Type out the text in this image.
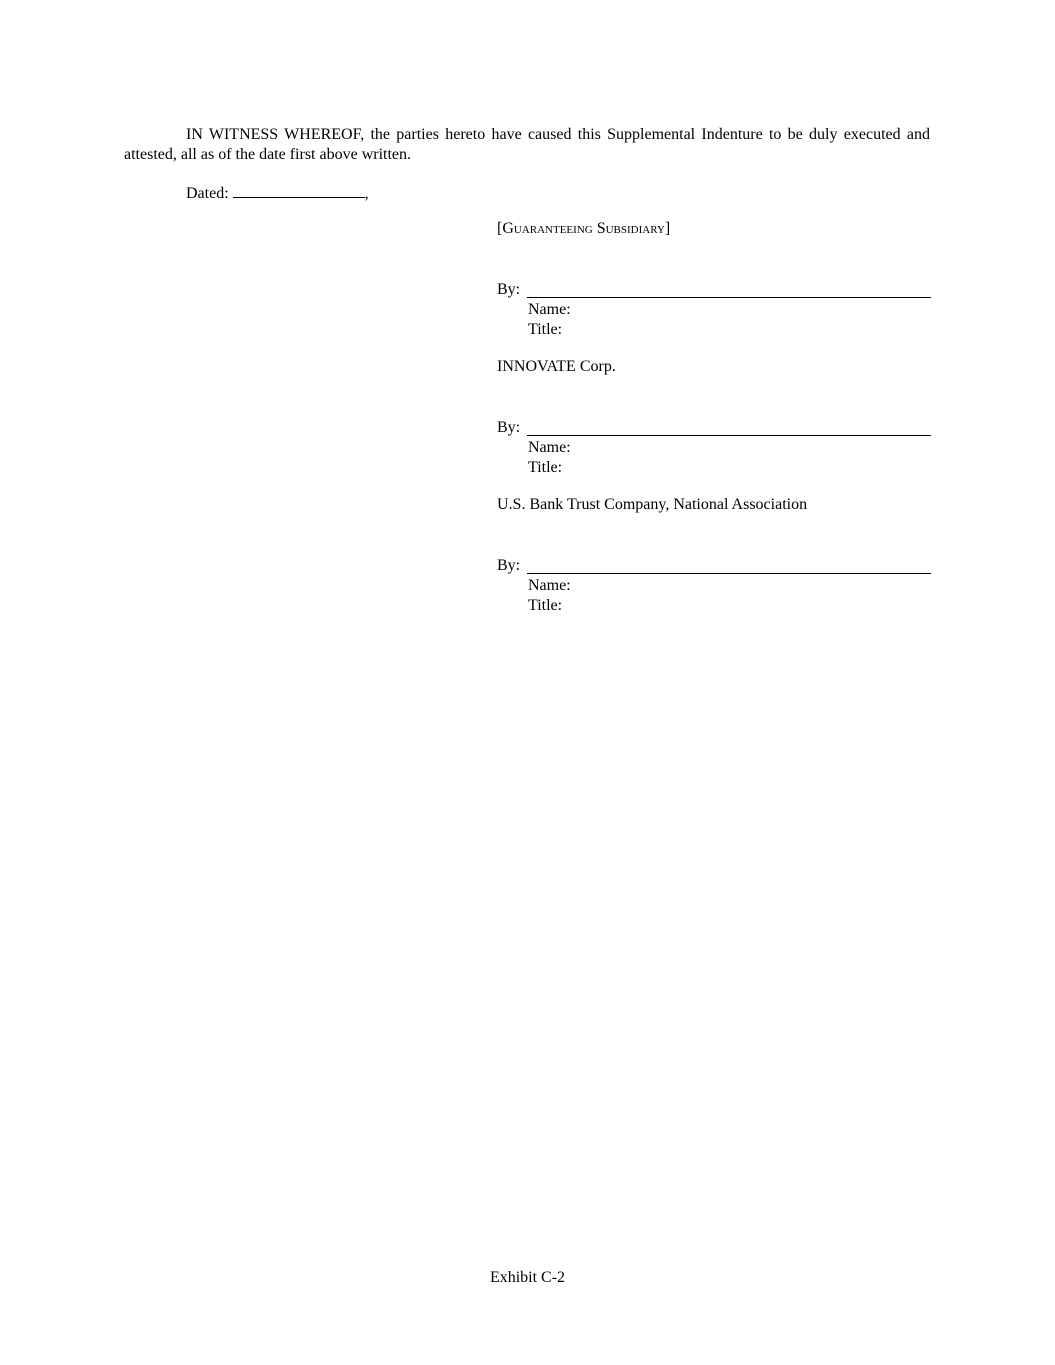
IN WITNESS WHEREOF, the parties hereto have caused this Supplemental Indenture to be duly executed and attested, all as of the date first above written.

Dated:	,

[Guaranteeing Subsidiary]

By:
Name:
Title:

INNOVATE Corp.

By:
Name:
Title:

U.S. Bank Trust Company, National Association

By:
Name:
Title:

Exhibit C-2
